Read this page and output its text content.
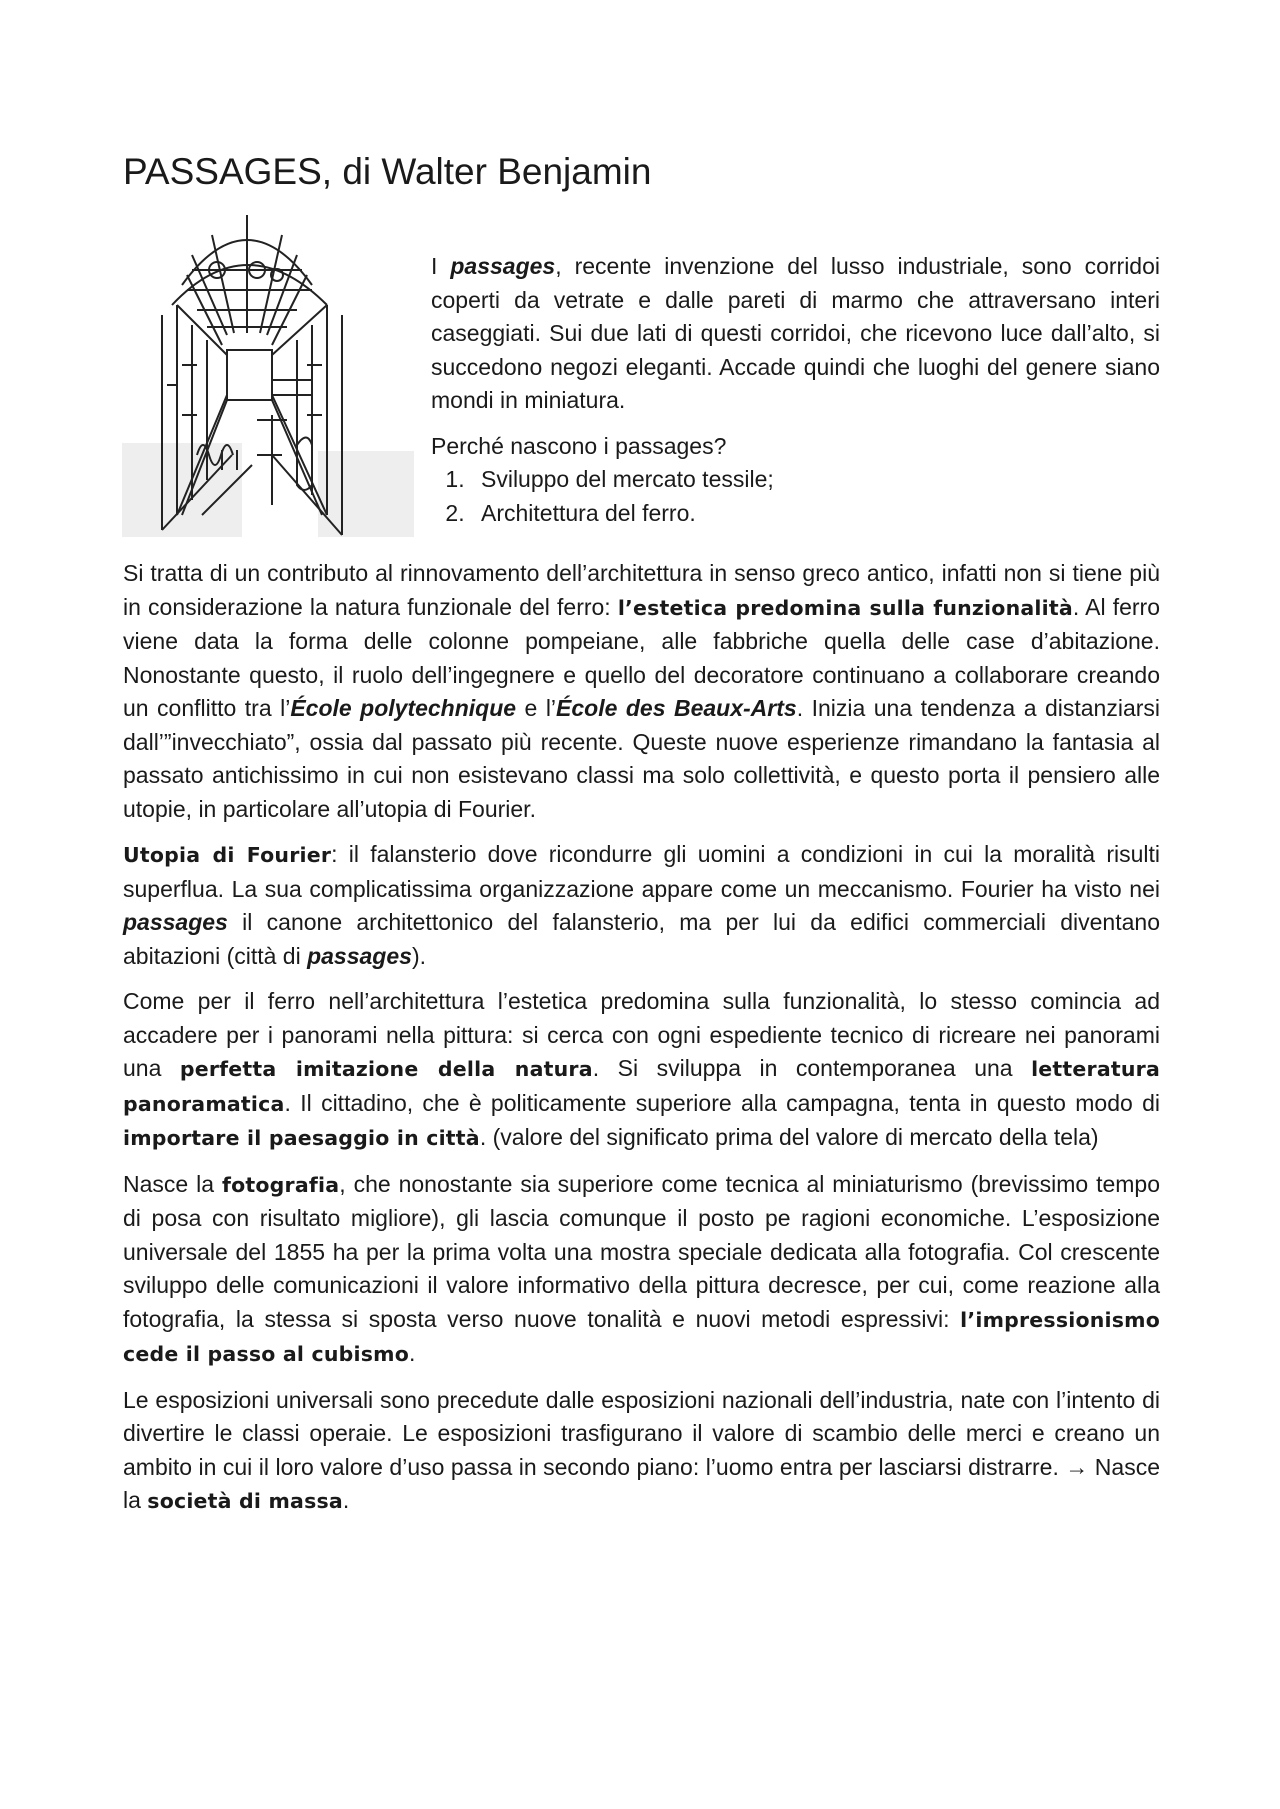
PASSAGES, di Walter Benjamin

I passages, recente invenzione del lusso industriale, sono corridoi coperti da vetrate e dalle pareti di marmo che attraversano interi caseggiati. Sui due lati di questi corridoi, che ricevono luce dall’alto, si succedono negozi eleganti. Accade quindi che luoghi del genere siano mondi in miniatura.

Perché nascono i passages?

1. Sviluppo del mercato tessile;
2. Architettura del ferro.

Si tratta di un contributo al rinnovamento dell’architettura in senso greco antico, infatti non si tiene più in considerazione la natura funzionale del ferro: l’estetica predomina sulla funzionalità. Al ferro viene data la forma delle colonne pompeiane, alle fabbriche quella delle case d’abitazione. Nonostante questo, il ruolo dell’ingegnere e quello del decoratore continuano a collaborare creando un conflitto tra l’École polytechnique e l’École des Beaux-Arts. Inizia una tendenza a distanziarsi dall’”invecchiato”, ossia dal passato più recente. Queste nuove esperienze rimandano la fantasia al passato antichissimo in cui non esistevano classi ma solo collettività, e questo porta il pensiero alle utopie, in particolare all’utopia di Fourier.

Utopia di Fourier: il falansterio dove ricondurre gli uomini a condizioni in cui la moralità risulti superflua. La sua complicatissima organizzazione appare come un meccanismo. Fourier ha visto nei passages il canone architettonico del falansterio, ma per lui da edifici commerciali diventano abitazioni (città di passages).

Come per il ferro nell’architettura l’estetica predomina sulla funzionalità, lo stesso comincia ad accadere per i panorami nella pittura: si cerca con ogni espediente tecnico di ricreare nei panorami una perfetta imitazione della natura. Si sviluppa in contemporanea una letteratura panoramatica. Il cittadino, che è politicamente superiore alla campagna, tenta in questo modo di importare il paesaggio in città. (valore del significato prima del valore di mercato della tela)

Nasce la fotografia, che nonostante sia superiore come tecnica al miniaturismo (brevissimo tempo di posa con risultato migliore), gli lascia comunque il posto pe ragioni economiche. L’esposizione universale del 1855 ha per la prima volta una mostra speciale dedicata alla fotografia. Col crescente sviluppo delle comunicazioni il valore informativo della pittura decresce, per cui, come reazione alla fotografia, la stessa si sposta verso nuove tonalità e nuovi metodi espressivi: l’impressionismo cede il passo al cubismo.

Le esposizioni universali sono precedute dalle esposizioni nazionali dell’industria, nate con l’intento di divertire le classi operaie. Le esposizioni trasfigurano il valore di scambio delle merci e creano un ambito in cui il loro valore d’uso passa in secondo piano: l’uomo entra per lasciarsi distrarre. → Nasce la società di massa.
